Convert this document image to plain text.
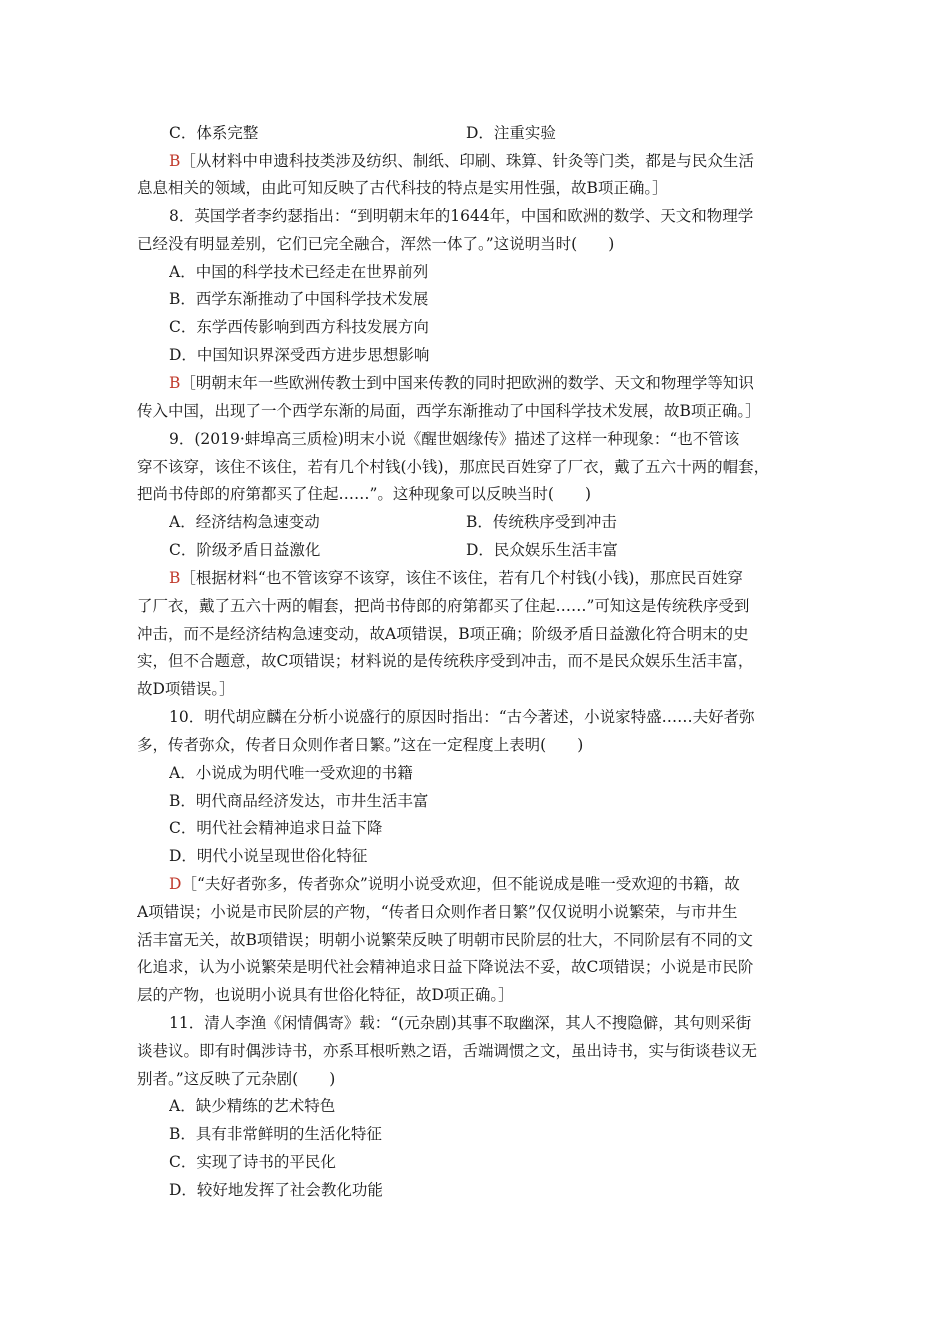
C．体系完整	D．注重实验
B［从材料中申遗科技类涉及纺织、制纸、印刷、珠算、针灸等门类，都是与民众生活
息息相关的领域，由此可知反映了古代科技的特点是实用性强，故B项正确。］
8．英国学者李约瑟指出：“到明朝末年的1644年，中国和欧洲的数学、天文和物理学
已经没有明显差别，它们已完全融合，浑然一体了。”这说明当时(　　)
A．中国的科学技术已经走在世界前列
B．西学东渐推动了中国科学技术发展
C．东学西传影响到西方科技发展方向
D．中国知识界深受西方进步思想影响
B［明朝末年一些欧洲传教士到中国来传教的同时把欧洲的数学、天文和物理学等知识
传入中国，出现了一个西学东渐的局面，西学东渐推动了中国科学技术发展，故B项正确。］
9．(2019·蚌埠高三质检)明末小说《醒世姻缘传》描述了这样一种现象：“也不管该
穿不该穿，该住不该住，若有几个村钱(小钱)，那庶民百姓穿了厂衣，戴了五六十两的帽套，
把尚书侍郎的府第都买了住起……”。这种现象可以反映当时(　　)
A．经济结构急速变动	B．传统秩序受到冲击
C．阶级矛盾日益激化	D．民众娱乐生活丰富
B［根据材料“也不管该穿不该穿，该住不该住，若有几个村钱(小钱)，那庶民百姓穿
了厂衣，戴了五六十两的帽套，把尚书侍郎的府第都买了住起……”可知这是传统秩序受到
冲击，而不是经济结构急速变动，故A项错误，B项正确；阶级矛盾日益激化符合明末的史
实，但不合题意，故C项错误；材料说的是传统秩序受到冲击，而不是民众娱乐生活丰富，
故D项错误。］
10．明代胡应麟在分析小说盛行的原因时指出：“古今著述，小说家特盛……夫好者弥
多，传者弥众，传者日众则作者日繁。”这在一定程度上表明(　　)
A．小说成为明代唯一受欢迎的书籍
B．明代商品经济发达，市井生活丰富
C．明代社会精神追求日益下降
D．明代小说呈现世俗化特征
D［“夫好者弥多，传者弥众”说明小说受欢迎，但不能说成是唯一受欢迎的书籍，故
A项错误；小说是市民阶层的产物，“传者日众则作者日繁”仅仅说明小说繁荣，与市井生
活丰富无关，故B项错误；明朝小说繁荣反映了明朝市民阶层的壮大，不同阶层有不同的文
化追求，认为小说繁荣是明代社会精神追求日益下降说法不妥，故C项错误；小说是市民阶
层的产物，也说明小说具有世俗化特征，故D项正确。］
11．清人李渔《闲情偶寄》载：“(元杂剧)其事不取幽深，其人不搜隐僻，其句则采街
谈巷议。即有时偶涉诗书，亦系耳根听熟之语，舌端调惯之文，虽出诗书，实与街谈巷议无
别者。”这反映了元杂剧(　　)
A．缺少精练的艺术特色
B．具有非常鲜明的生活化特征
C．实现了诗书的平民化
D．较好地发挥了社会教化功能
